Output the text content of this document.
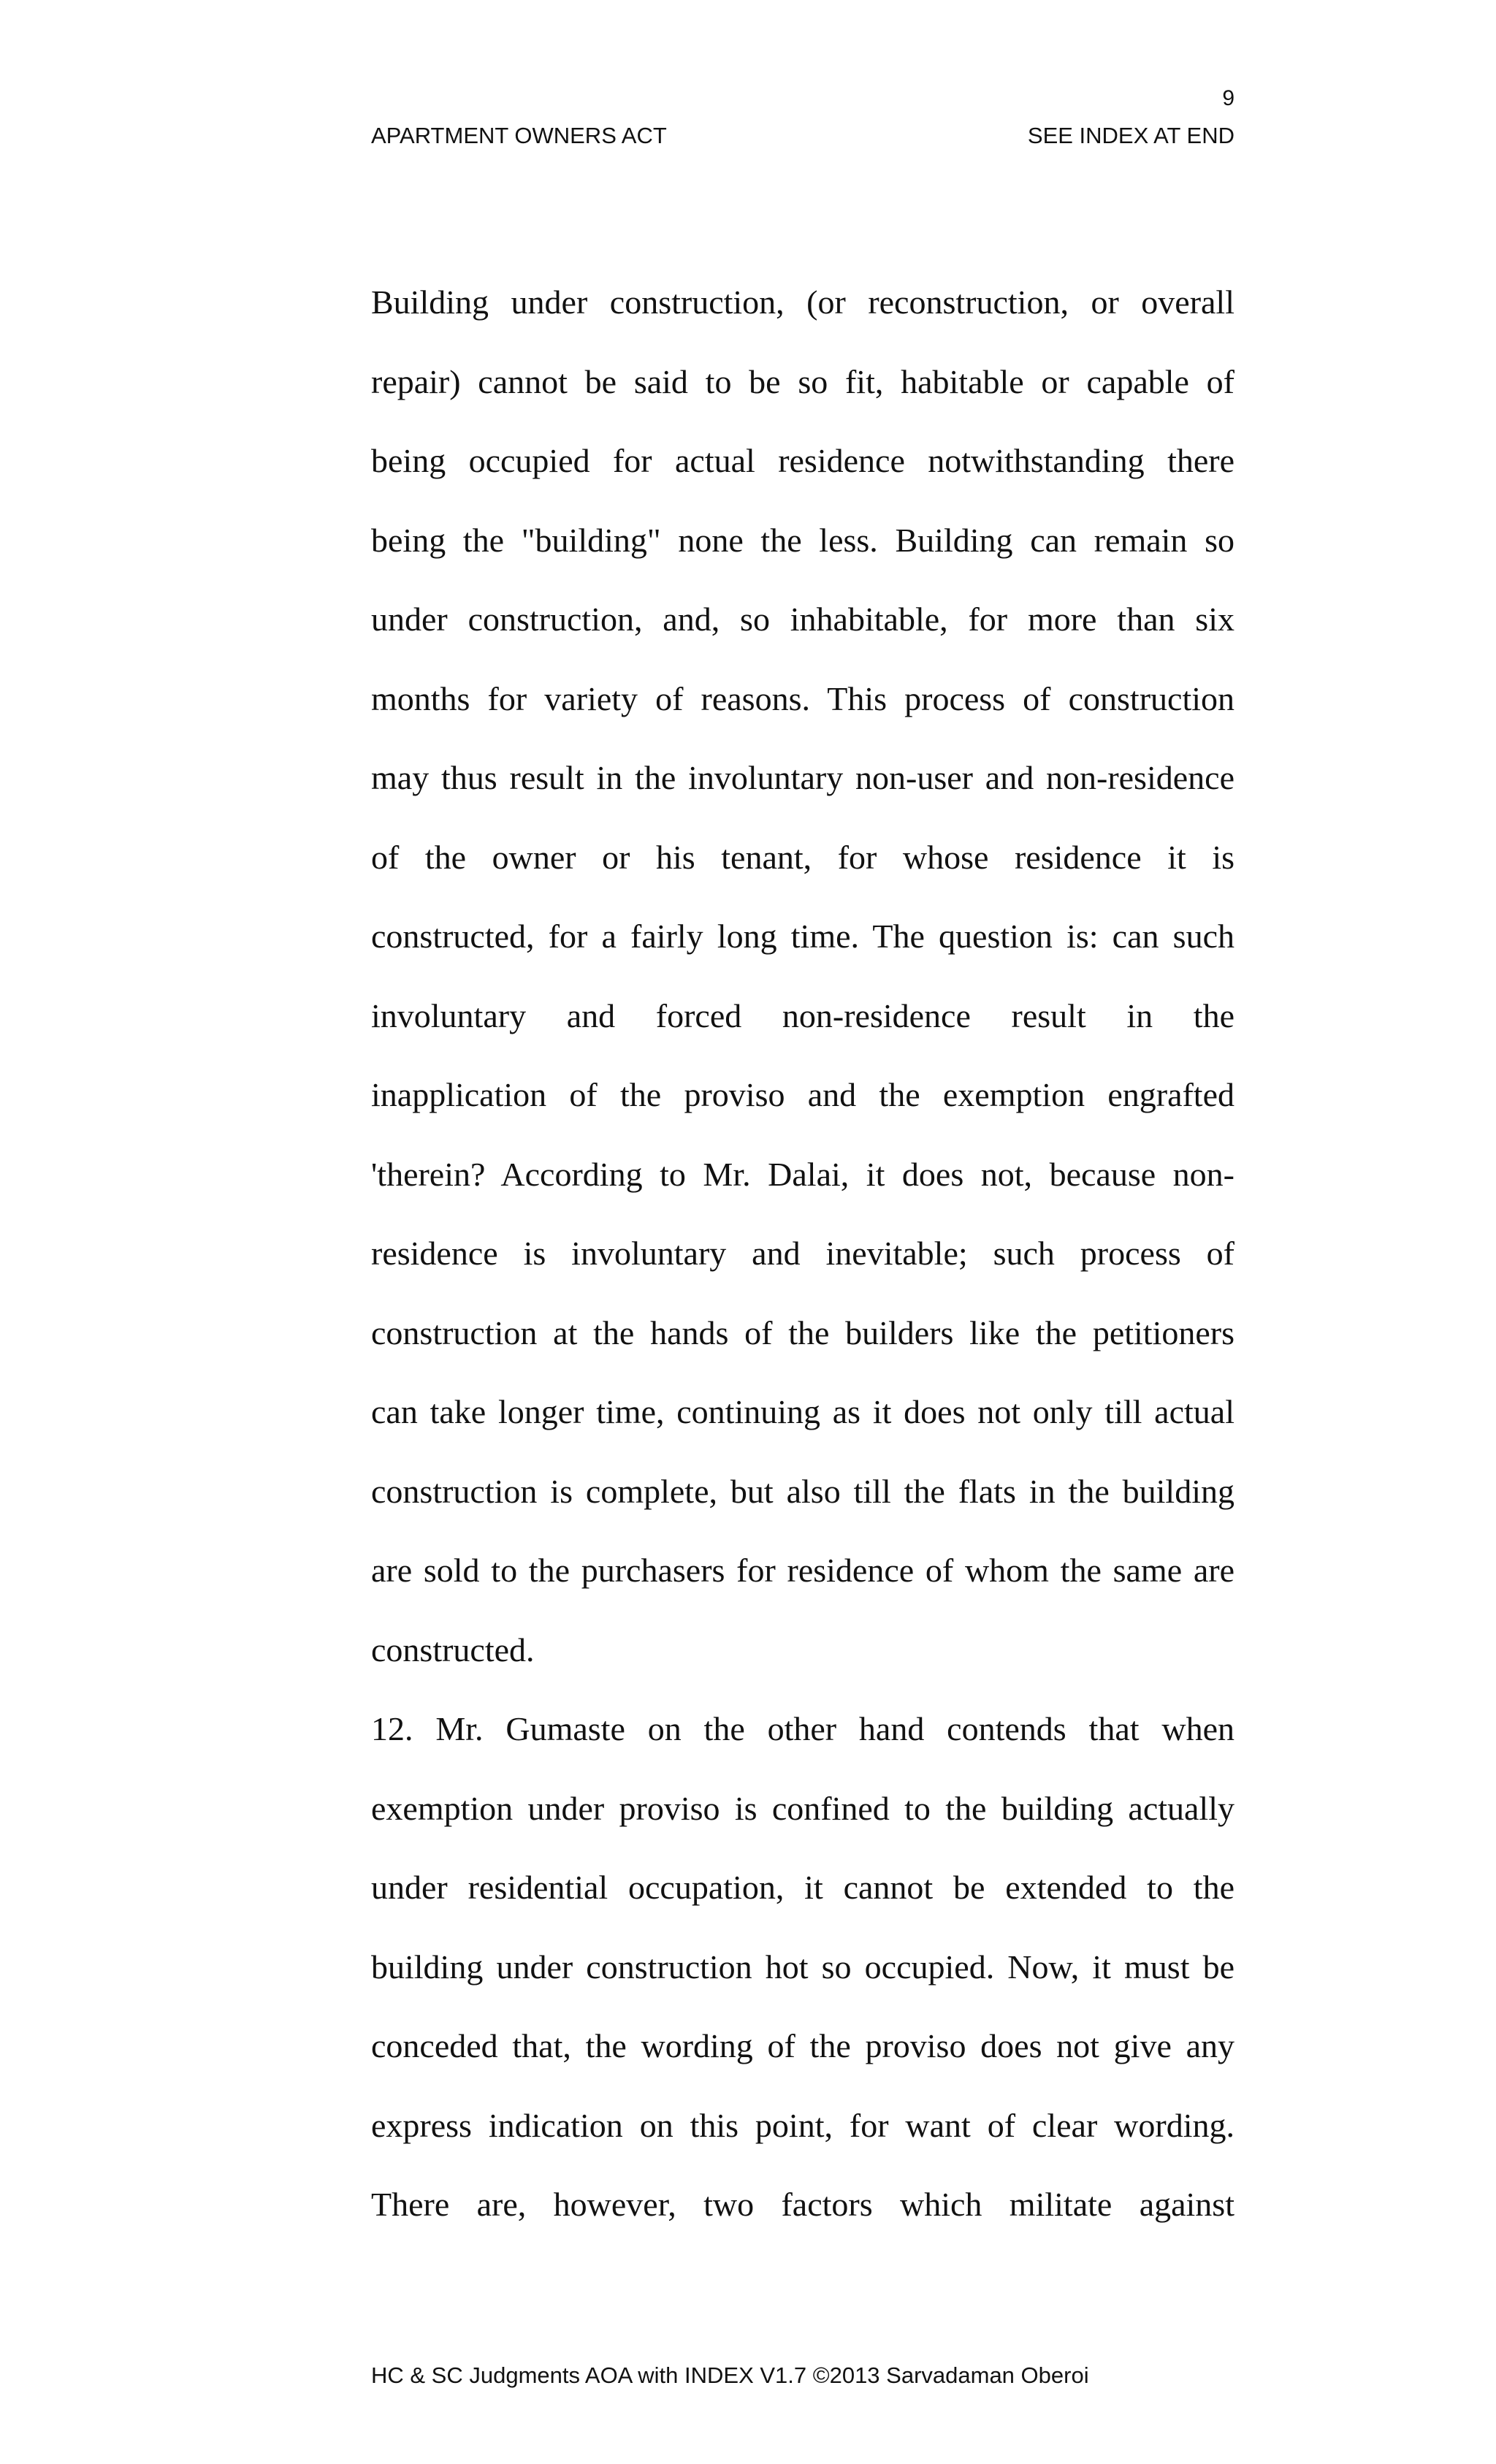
9
APARTMENT OWNERS ACT	SEE INDEX AT END
Building under construction, (or reconstruction, or overall
repair) cannot be said to be so fit, habitable or capable of
being occupied for actual residence notwithstanding there
being the "building" none the less. Building can remain so
under construction, and, so inhabitable, for more than six
months for variety of reasons. This process of construction
may thus result in the involuntary non-user and non-residence
of the owner or his tenant, for whose residence it is
constructed, for a fairly long time. The question is: can such
involuntary and forced non-residence result in the
inapplication of the proviso and the exemption engrafted
'therein? According to Mr. Dalai, it does not, because non-
residence is involuntary and inevitable; such process of
construction at the hands of the builders like the petitioners
can take longer time, continuing as it does not only till actual
construction is complete, but also till the flats in the building
are sold to the purchasers for residence of whom the same are
constructed.
12. Mr. Gumaste on the other hand contends that when
exemption under proviso is confined to the building actually
under residential occupation, it cannot be extended to the
building under construction hot so occupied. Now, it must be
conceded that, the wording of the proviso does not give any
express indication on this point, for want of clear wording.
There are, however, two factors which militate against
HC & SC Judgments AOA with INDEX V1.7 ©2013 Sarvadaman Oberoi
